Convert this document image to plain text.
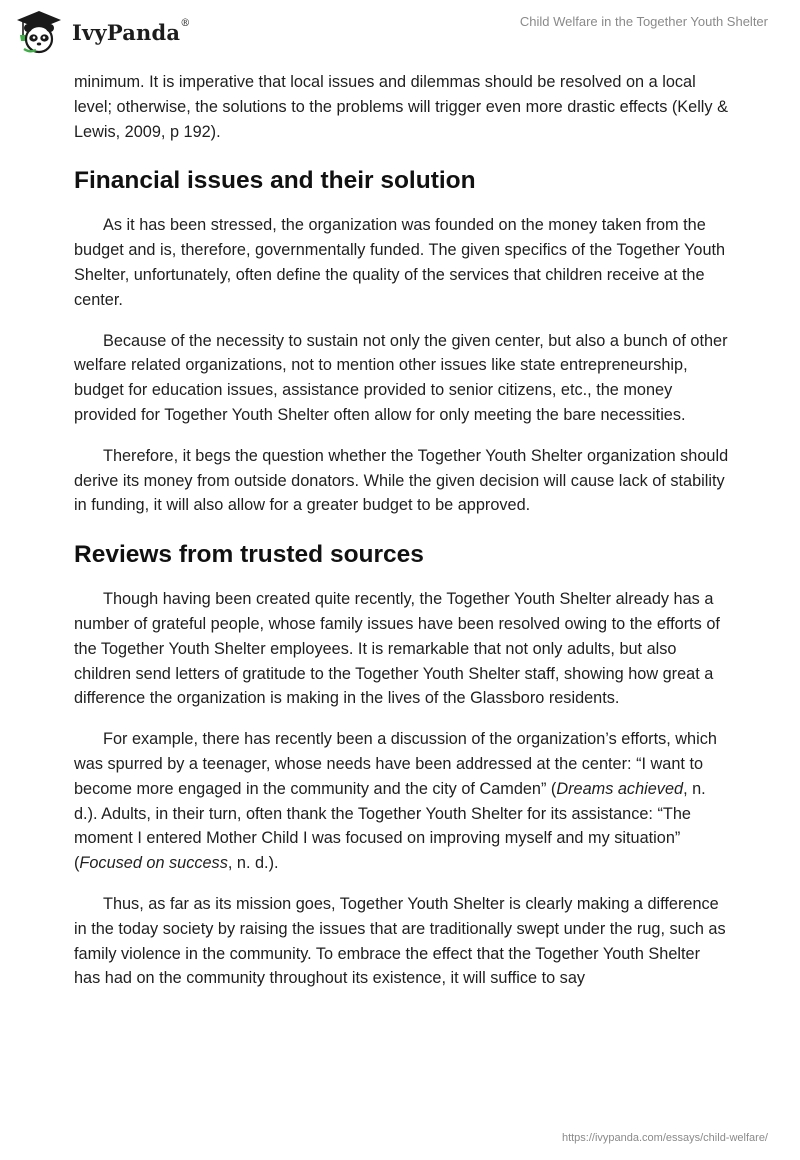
IvyPanda®	Child Welfare in the Together Youth Shelter

minimum. It is imperative that local issues and dilemmas should be resolved on a local level; otherwise, the solutions to the problems will trigger even more drastic effects (Kelly & Lewis, 2009, p 192).

Financial issues and their solution

As it has been stressed, the organization was founded on the money taken from the budget and is, therefore, governmentally funded. The given specifics of the Together Youth Shelter, unfortunately, often define the quality of the services that children receive at the center.

Because of the necessity to sustain not only the given center, but also a bunch of other welfare related organizations, not to mention other issues like state entrepreneurship, budget for education issues, assistance provided to senior citizens, etc., the money provided for Together Youth Shelter often allow for only meeting the bare necessities.

Therefore, it begs the question whether the Together Youth Shelter organization should derive its money from outside donators. While the given decision will cause lack of stability in funding, it will also allow for a greater budget to be approved.

Reviews from trusted sources

Though having been created quite recently, the Together Youth Shelter already has a number of grateful people, whose family issues have been resolved owing to the efforts of the Together Youth Shelter employees. It is remarkable that not only adults, but also children send letters of gratitude to the Together Youth Shelter staff, showing how great a difference the organization is making in the lives of the Glassboro residents.

For example, there has recently been a discussion of the organization’s efforts, which was spurred by a teenager, whose needs have been addressed at the center: “I want to become more engaged in the community and the city of Camden” (Dreams achieved, n. d.). Adults, in their turn, often thank the Together Youth Shelter for its assistance: “The moment I entered Mother Child I was focused on improving myself and my situation” (Focused on success, n. d.).

Thus, as far as its mission goes, Together Youth Shelter is clearly making a difference in the today society by raising the issues that are traditionally swept under the rug, such as family violence in the community. To embrace the effect that the Together Youth Shelter has had on the community throughout its existence, it will suffice to say

https://ivypanda.com/essays/child-welfare/
